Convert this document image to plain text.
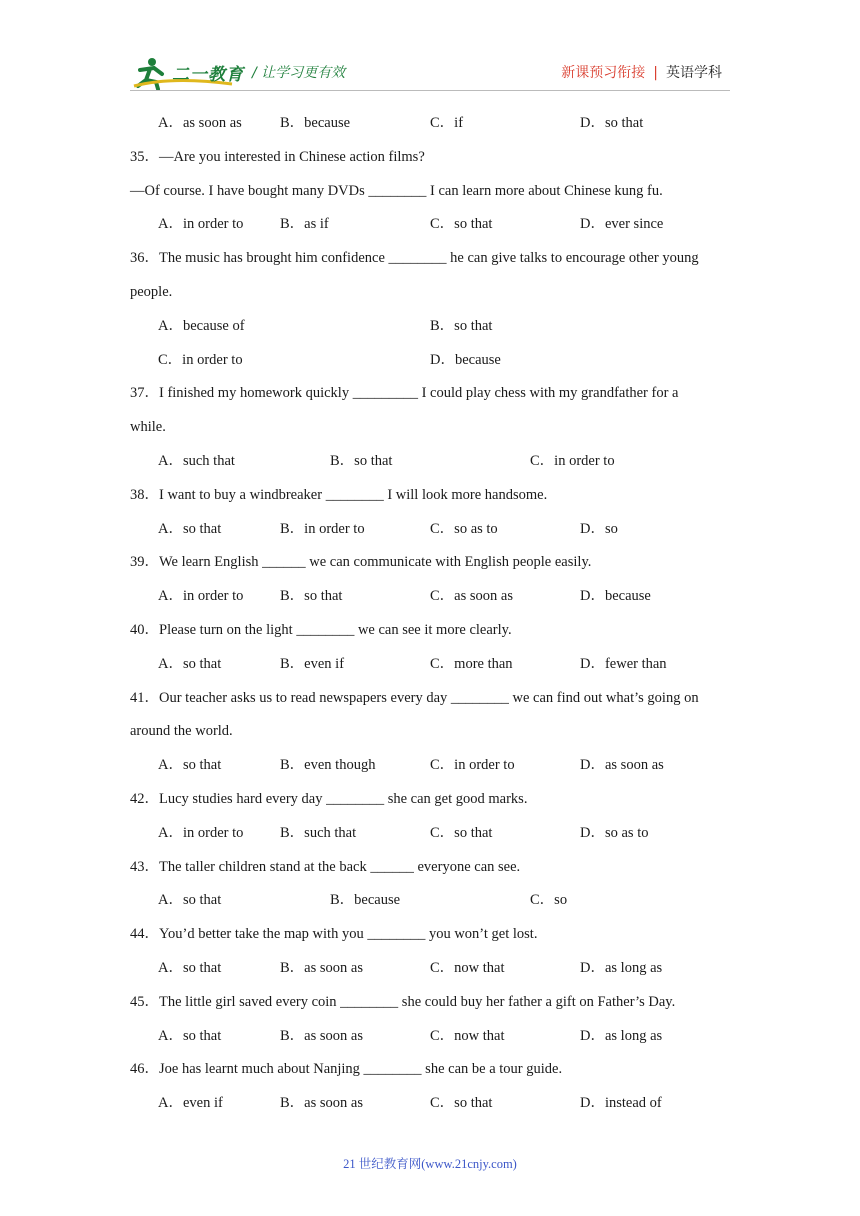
二一教育 / 让学习更有效	新课预习衔接 | 英语学科
A．as soon as	B．because	C．if	D．so that
35．—Are you interested in Chinese action films?
—Of course. I have bought many DVDs ________ I can learn more about Chinese kung fu.
A．in order to	B．as if	C．so that	D．ever since
36．The music has brought him confidence ________ he can give talks to encourage other young
people.
A．because of	B．so that
C．in order to	D．because
37．I finished my homework quickly _________ I could play chess with my grandfather for a
while.
A．such that	B．so that	C．in order to
38．I want to buy a windbreaker ________ I will look more handsome.
A．so that	B．in order to	C．so as to	D．so
39．We learn English ______ we can communicate with English people easily.
A．in order to	B．so that	C．as soon as	D．because
40．Please turn on the light ________ we can see it more clearly.
A．so that	B．even if	C．more than	D．fewer than
41．Our teacher asks us to read newspapers every day ________ we can find out what’s going on
around the world.
A．so that	B．even though	C．in order to	D．as soon as
42．Lucy studies hard every day ________ she can get good marks.
A．in order to	B．such that	C．so that	D．so as to
43．The taller children stand at the back ______ everyone can see.
A．so that	B．because	C．so
44．You’d better take the map with you ________ you won’t get lost.
A．so that	B．as soon as	C．now that	D．as long as
45．The little girl saved every coin ________ she could buy her father a gift on Father’s Day.
A．so that	B．as soon as	C．now that	D．as long as
46．Joe has learnt much about Nanjing ________ she can be a tour guide.
A．even if	B．as soon as	C．so that	D．instead of
21 世纪教育网(www.21cnjy.com)
